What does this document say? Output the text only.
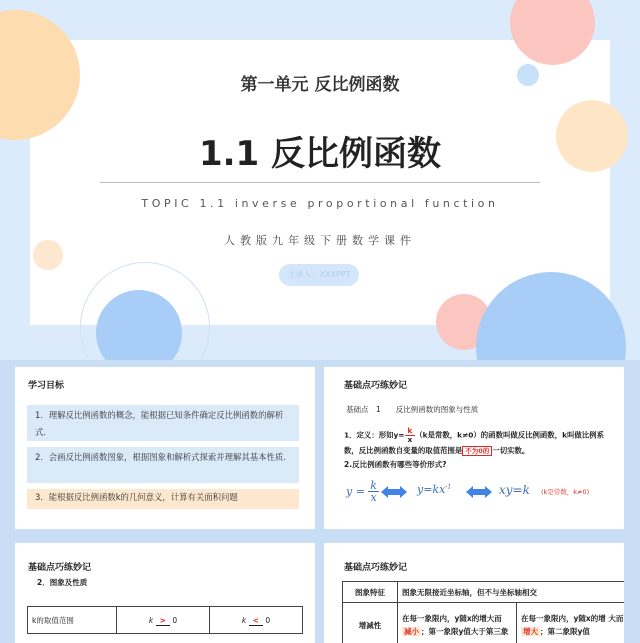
第一单元 反比例函数
1.1 反比例函数
TOPIC 1.1 inverse proportional function
人教版九年级下册数学课件
主讲人：XXXPPT
学习目标
1．理解反比例函数的概念，能根据已知条件确定反比例函数的解析式．
2．会画反比例函数图象，根据图象和解析式探索并理解其基本性质.
3．能根据反比例函数k的几何意义，计算有关面积问题
基础点巧练妙记
基础点　1　　反比例函数的图象与性质
1．定义：形如$y= \frac{k}{x} (k$是常数，k≠0）的函数叫做反比例函数，k叫做比例系数，反比例函数自变量的取值范围是 不为0的 一切实数。
2.反比例函数有哪些等价形式?
$y = \frac{k}{x}$	$y=kx^{-1}$	xy=k (k是常数，k≠0)
基础点巧练妙记
2．图象及性质
k的取值范围	k > 0	k < 0
基础点巧练妙记
图象特征	图象无限接近坐标轴，但不与坐标轴相交	
增减性	在每一象限内，y随x的增大而 减小 ；第一象限y值大于第三象	在每一象限内，y随x的增 大而增大 ；第二象限y值
